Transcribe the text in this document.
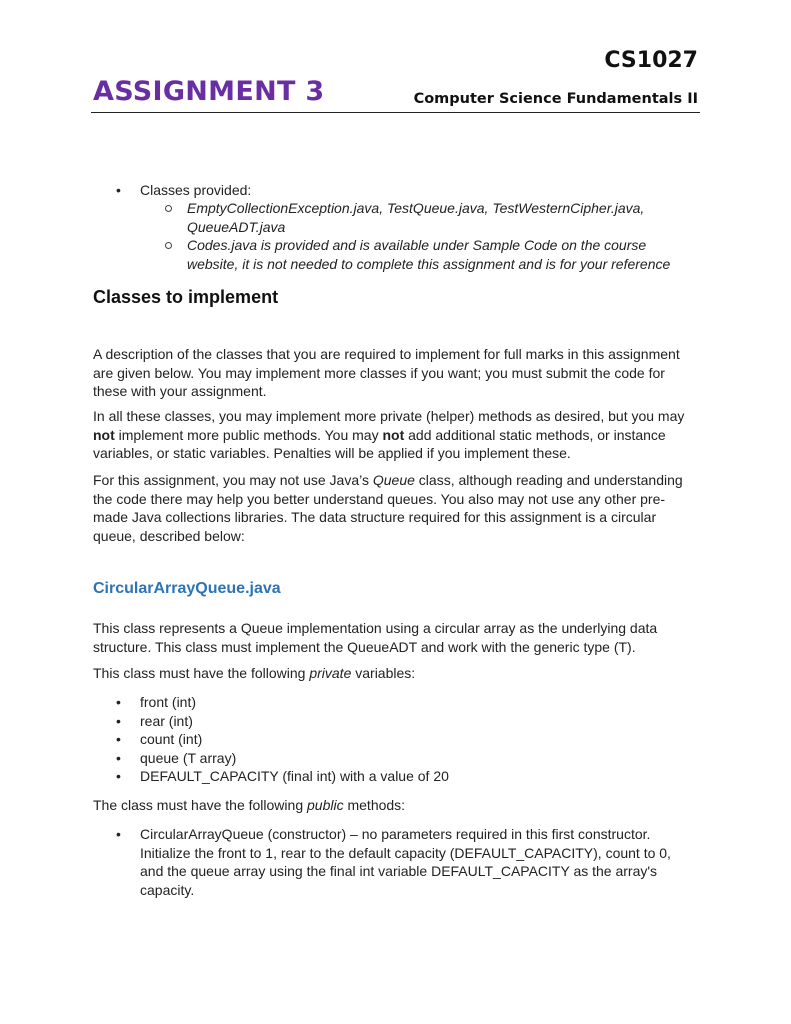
CS1027
ASSIGNMENT 3	Computer Science Fundamentals II
• Classes provided:
EmptyCollectionException.java, TestQueue.java, TestWesternCipher.java,
QueueADT.java
Codes.java is provided and is available under Sample Code on the course
website, it is not needed to complete this assignment and is for your reference
Classes to implement
A description of the classes that you are required to implement for full marks in this assignment
are given below. You may implement more classes if you want; you must submit the code for
these with your assignment.
In all these classes, you may implement more private (helper) methods as desired, but you may
not implement more public methods. You may not add additional static methods, or instance
variables, or static variables. Penalties will be applied if you implement these.
For this assignment, you may not use Java’s Queue class, although reading and understanding
the code there may help you better understand queues. You also may not use any other pre-
made Java collections libraries. The data structure required for this assignment is a circular
queue, described below:
CircularArrayQueue.java
This class represents a Queue implementation using a circular array as the underlying data
structure. This class must implement the QueueADT and work with the generic type (T).
This class must have the following private variables:
• front (int)
• rear (int)
• count (int)
• queue (T array)
• DEFAULT_CAPACITY (final int) with a value of 20
The class must have the following public methods:
• CircularArrayQueue (constructor) – no parameters required in this first constructor.
Initialize the front to 1, rear to the default capacity (DEFAULT_CAPACITY), count to 0,
and the queue array using the final int variable DEFAULT_CAPACITY as the array's
capacity.
